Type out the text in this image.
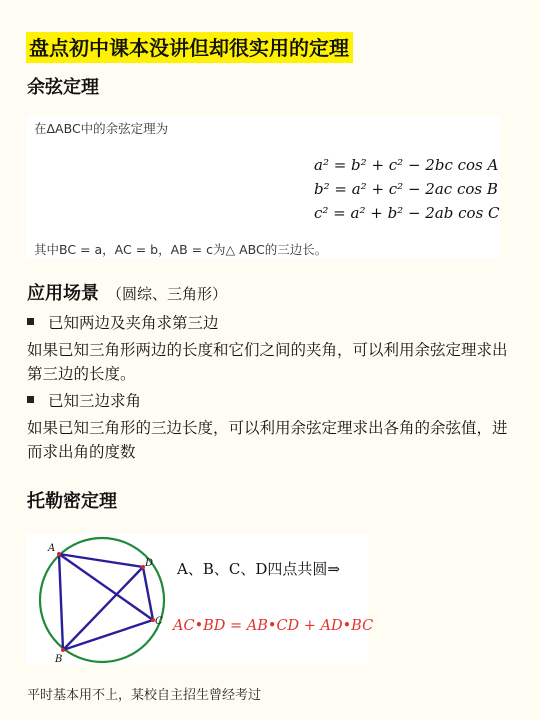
盘点初中课本没讲但却很实用的定理
余弦定理
在ΔABC中的余弦定理为
a² = b² + c² − 2bc cos A
b² = a² + c² − 2ac cos B
c² = a² + b² − 2ab cos C
其中BC = a，AC = b，AB = c为△ ABC的三边长。
应用场景 （圆综、三角形）
已知两边及夹角求第三边
如果已知三角形两边的长度和它们之间的夹角，可以利用余弦定理求出第三边的长度。
已知三边求角
如果已知三角形的三边长度，可以利用余弦定理求出各角的余弦值，进而求出角的度数
托勒密定理
A
B
C
D A、B、C、D四点共圆⇒
AC•BD = AB•CD + AD•BC
平时基本用不上，某校自主招生曾经考过
